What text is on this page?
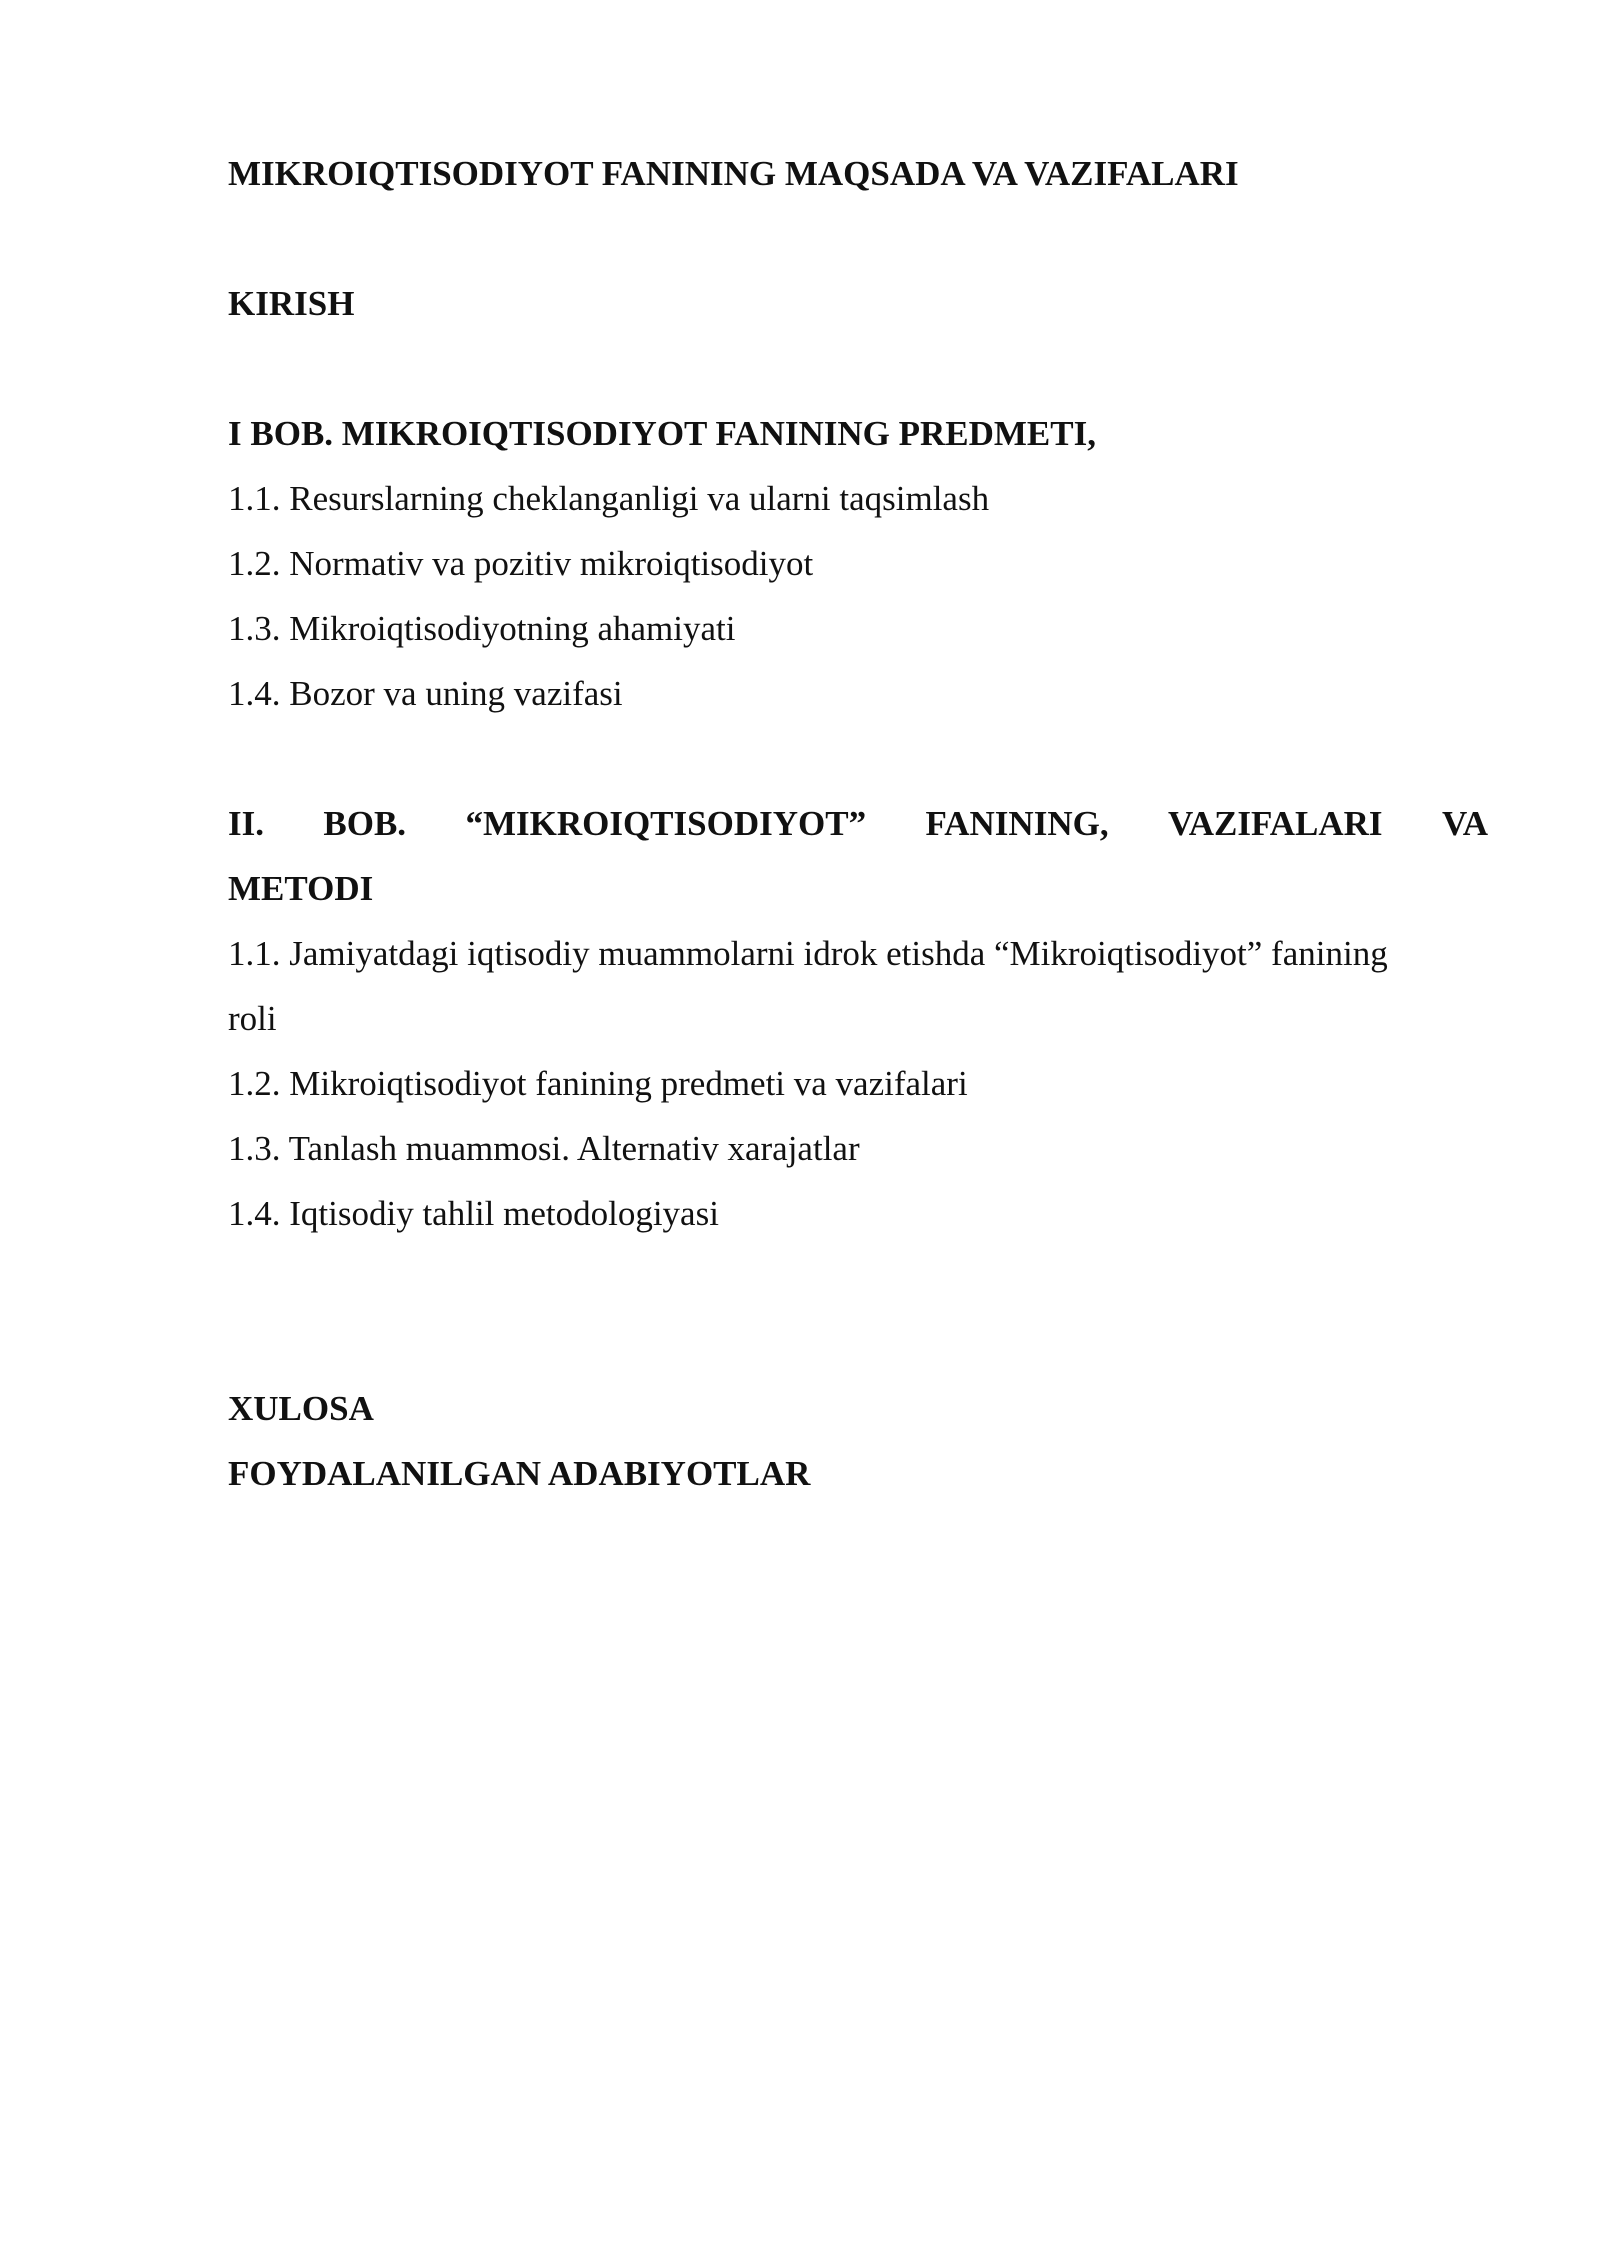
MIKROIQTISODIYOT FANINING MAQSADA VA VAZIFALARI
KIRISH
I BOB. MIKROIQTISODIYOT FANINING PREDMETI,
1.1. Resurslarning cheklanganligi va ularni taqsimlash
1.2. Normativ va pozitiv mikroiqtisodiyot
1.3. Mikroiqtisodiyotning ahamiyati
1.4. Bozor va uning vazifasi
II. BOB. “MIKROIQTISODIYOT” FANINING, VAZIFALARI VA
METODI
1.1. Jamiyatdagi iqtisodiy muammolarni idrok etishda “Mikroiqtisodiyot” fanining
roli
1.2. Mikroiqtisodiyot fanining predmeti va vazifalari
1.3. Tanlash muammosi. Alternativ xarajatlar
1.4. Iqtisodiy tahlil metodologiyasi
XULOSA
FOYDALANILGAN ADABIYOTLAR
